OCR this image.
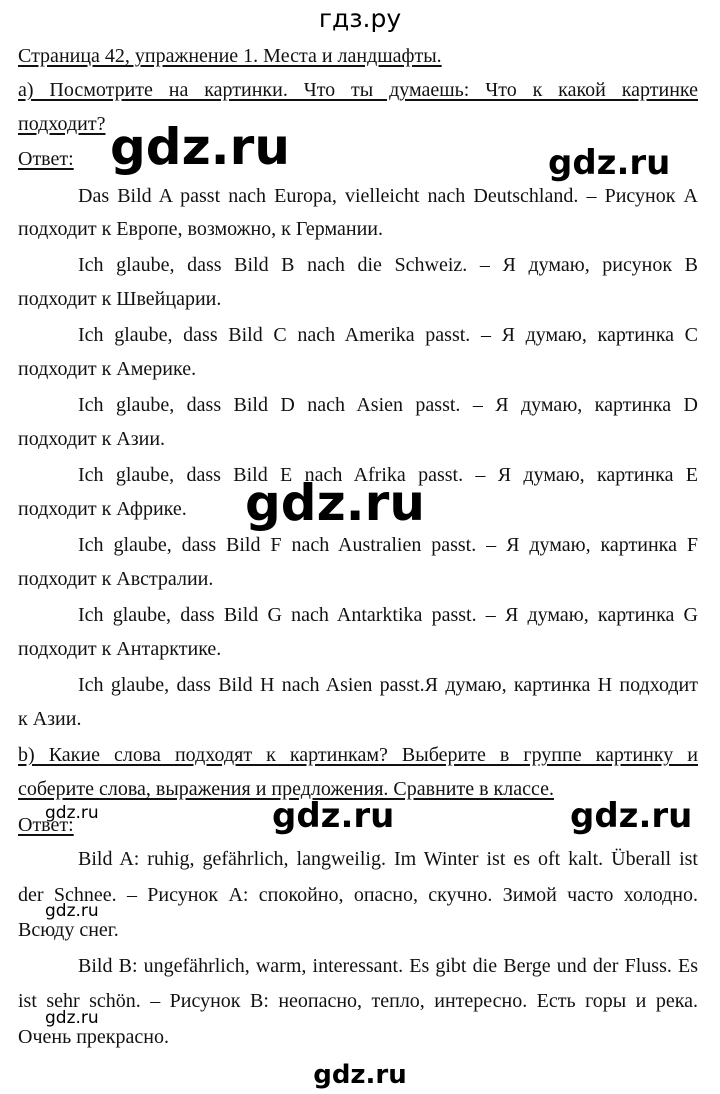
гдз.ру
Страница 42, упражнение 1. Места и ландшафты.
а) Посмотрите на картинки. Что ты думаешь: Что к какой картинке
подходит?
Ответ:
Das Bild A passt nach Europa, vielleicht nach Deutschland. – Рисунок A
подходит к Европе, возможно, к Германии.
Ich glaube, dass Bild B nach die Schweiz. – Я думаю, рисунок B
подходит к Швейцарии.
Ich glaube, dass Bild C nach Amerika passt. – Я думаю, картинка C
подходит к Америке.
Ich glaube, dass Bild D nach Asien passt. – Я думаю, картинка D
подходит к Азии.
Ich glaube, dass Bild E nach Afrika passt. – Я думаю, картинка E
подходит к Африке.
Ich glaube, dass Bild F nach Australien passt. – Я думаю, картинка F
подходит к Австралии.
Ich glaube, dass Bild G nach Antarktika passt. – Я думаю, картинка G
подходит к Антарктике.
Ich glaube, dass Bild H nach Asien passt.Я думаю, картинка H подходит
к Азии.
b) Какие слова подходят к картинкам? Выберите в группе картинку и
соберите слова, выражения и предложения. Сравните в классе.
Ответ:
Bild A: ruhig, gefährlich, langweilig. Im Winter ist es oft kalt. Überall ist
der Schnee. – Рисунок A: спокойно, опасно, скучно. Зимой часто холодно.
Всюду снег.
Bild B: ungefährlich, warm, interessant. Es gibt die Berge und der Fluss. Es
ist sehr schön. – Рисунок B: неопасно, тепло, интересно. Есть горы и река.
Очень прекрасно.
gdz.ru	gdz.ru
gdz.ru
gdz.ru	gdz.ru	gdz.ru
gdz.ru
gdz.ru
gdz.ru
